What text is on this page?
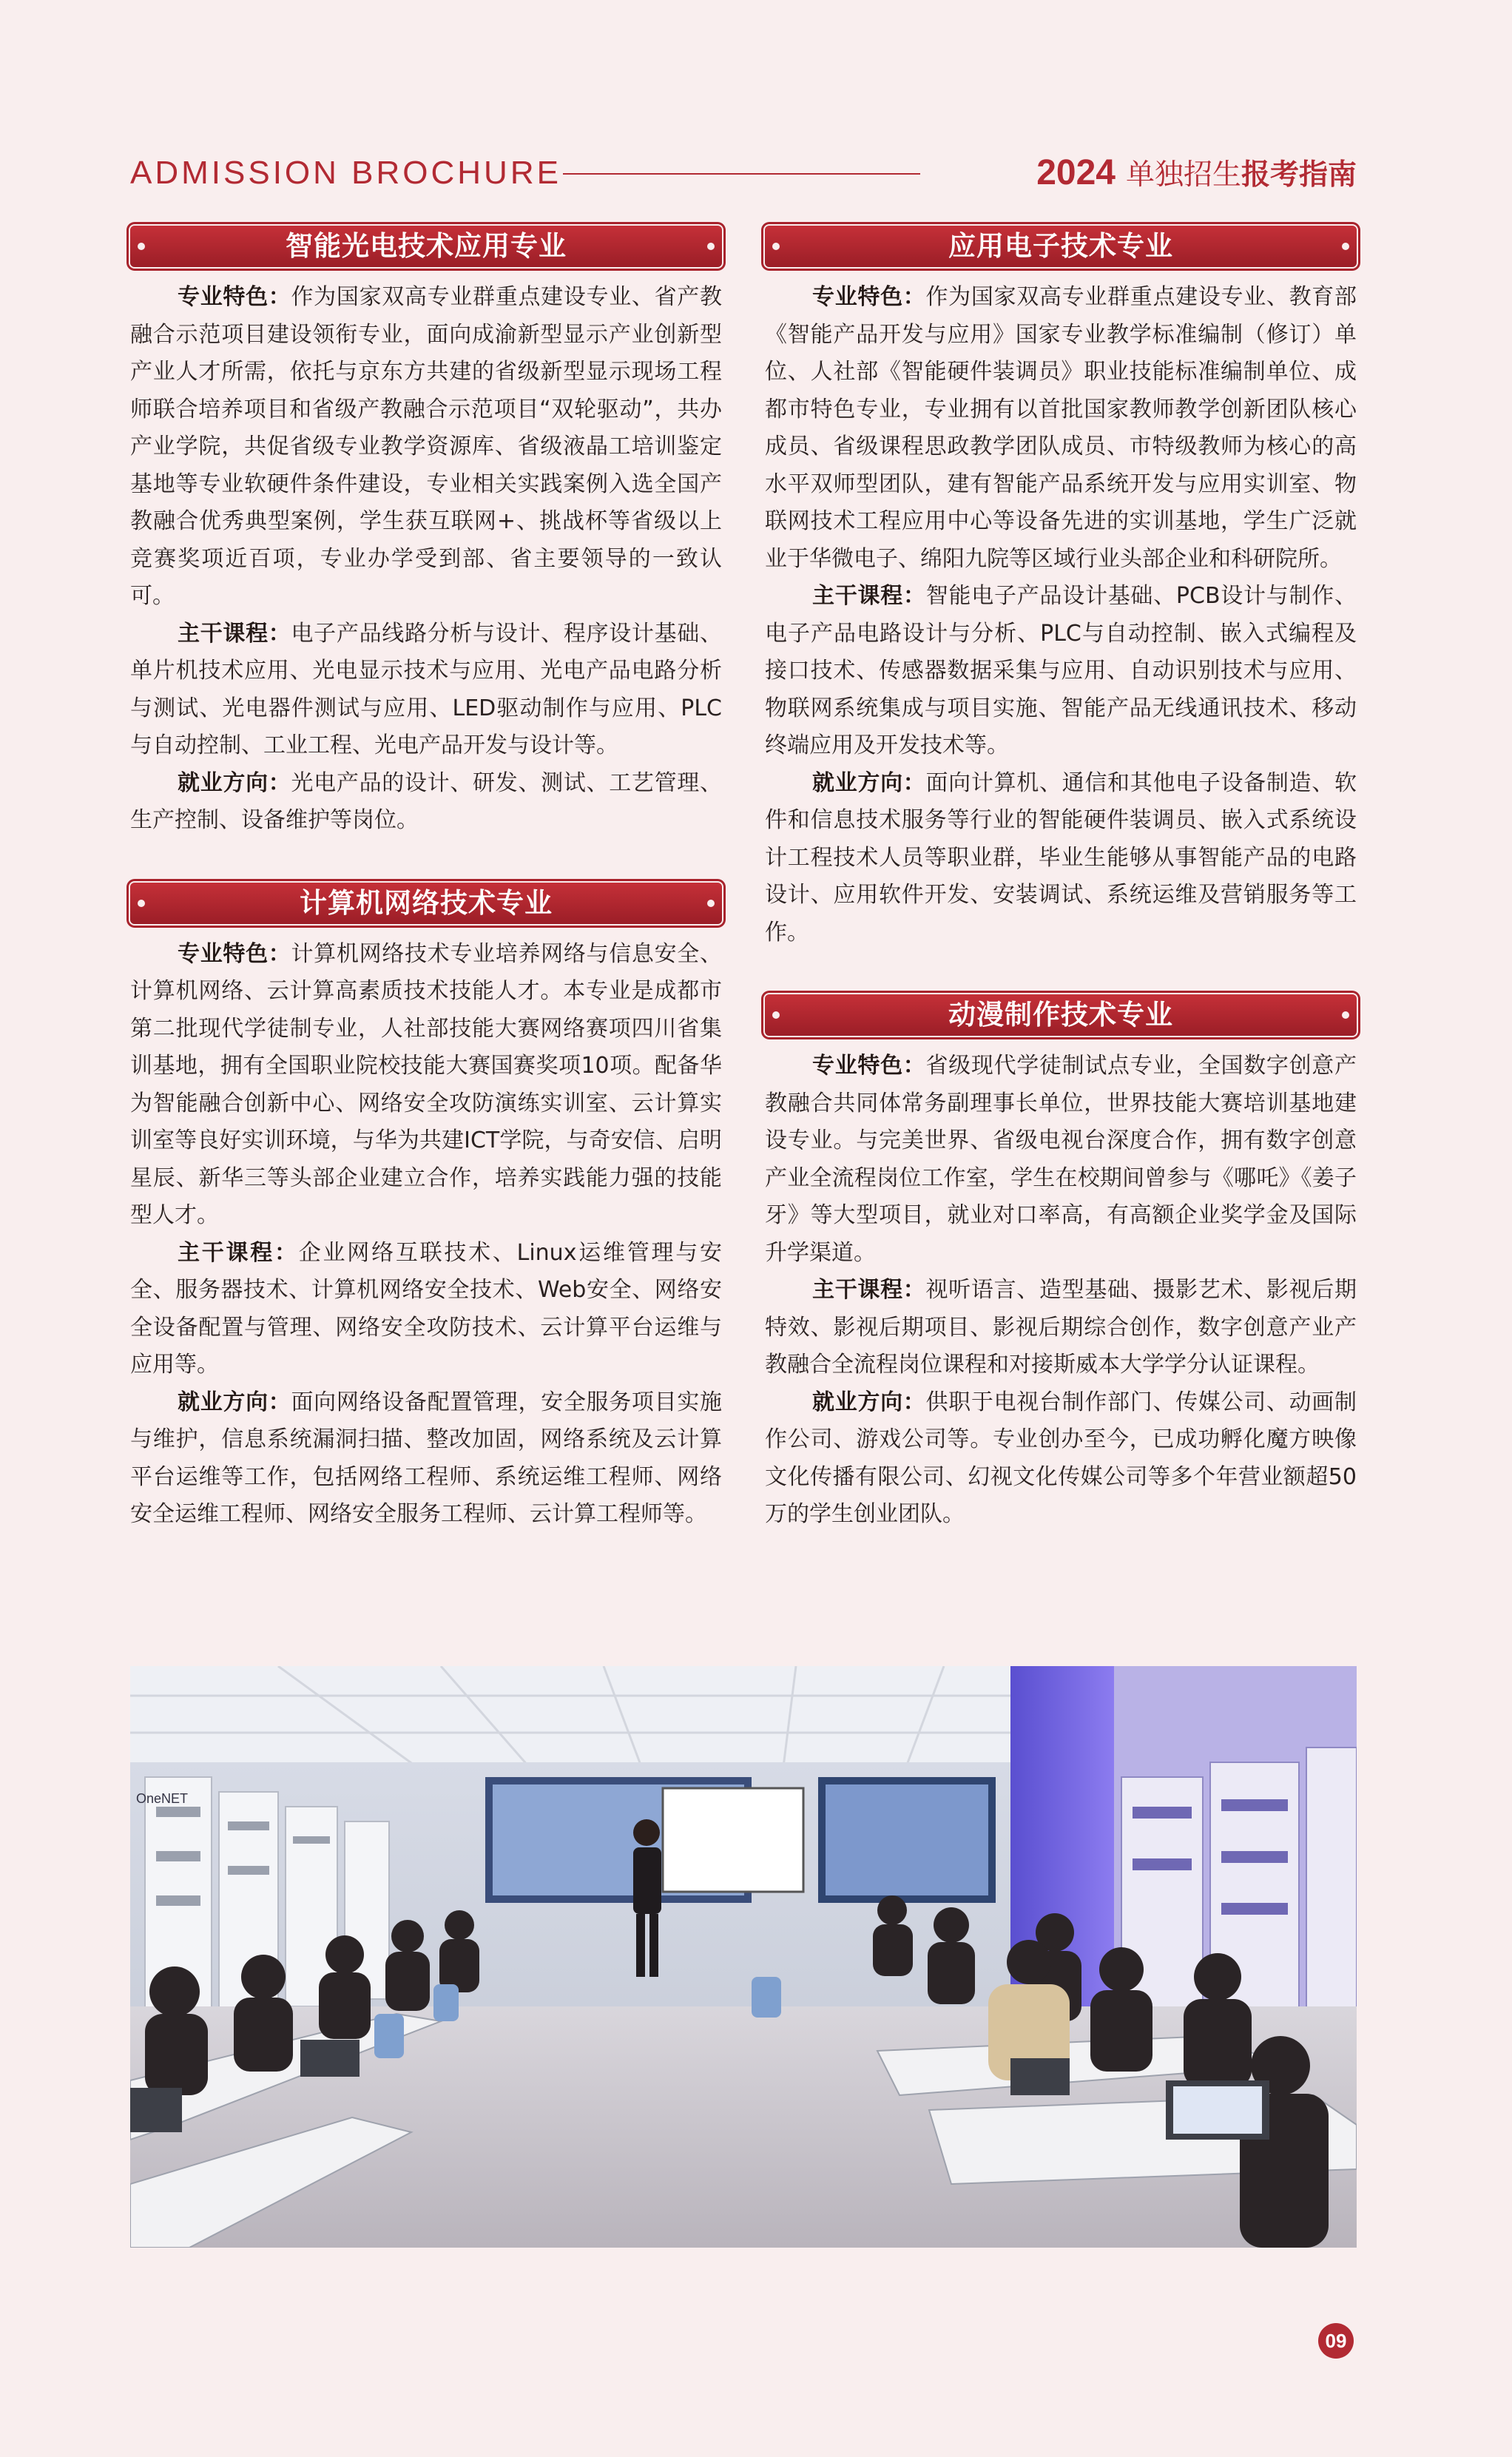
ADMISSION BROCHURE	2024 单独招生报考指南
智能光电技术应用专业

专业特色：作为国家双高专业群重点建设专业、省产教融合示范项目建设领衔专业，面向成渝新型显示产业创新型产业人才所需，依托与京东方共建的省级新型显示现场工程师联合培养项目和省级产教融合示范项目“双轮驱动”，共办产业学院，共促省级专业教学资源库、省级液晶工培训鉴定基地等专业软硬件条件建设，专业相关实践案例入选全国产教融合优秀典型案例，学生获互联网+、挑战杯等省级以上竞赛奖项近百项，专业办学受到部、省主要领导的一致认可。

主干课程：电子产品线路分析与设计、程序设计基础、单片机技术应用、光电显示技术与应用、光电产品电路分析与测试、光电器件测试与应用、LED驱动制作与应用、PLC与自动控制、工业工程、光电产品开发与设计等。

就业方向：光电产品的设计、研发、测试、工艺管理、生产控制、设备维护等岗位。

计算机网络技术专业

专业特色：计算机网络技术专业培养网络与信息安全、计算机网络、云计算高素质技术技能人才。本专业是成都市第二批现代学徒制专业，人社部技能大赛网络赛项四川省集训基地，拥有全国职业院校技能大赛国赛奖项10项。配备华为智能融合创新中心、网络安全攻防演练实训室、云计算实训室等良好实训环境，与华为共建ICT学院，与奇安信、启明星辰、新华三等头部企业建立合作，培养实践能力强的技能型人才。

主干课程：企业网络互联技术、Linux运维管理与安全、服务器技术、计算机网络安全技术、Web安全、网络安全设备配置与管理、网络安全攻防技术、云计算平台运维与应用等。

就业方向：面向网络设备配置管理，安全服务项目实施与维护，信息系统漏洞扫描、整改加固，网络系统及云计算平台运维等工作，包括网络工程师、系统运维工程师、网络安全运维工程师、网络安全服务工程师、云计算工程师等。

应用电子技术专业

专业特色：作为国家双高专业群重点建设专业、教育部《智能产品开发与应用》国家专业教学标准编制（修订）单位、人社部《智能硬件装调员》职业技能标准编制单位、成都市特色专业，专业拥有以首批国家教师教学创新团队核心成员、省级课程思政教学团队成员、市特级教师为核心的高水平双师型团队，建有智能产品系统开发与应用实训室、物联网技术工程应用中心等设备先进的实训基地，学生广泛就业于华微电子、绵阳九院等区域行业头部企业和科研院所。

主干课程：智能电子产品设计基础、PCB设计与制作、电子产品电路设计与分析、PLC与自动控制、嵌入式编程及接口技术、传感器数据采集与应用、自动识别技术与应用、物联网系统集成与项目实施、智能产品无线通讯技术、移动终端应用及开发技术等。

就业方向：面向计算机、通信和其他电子设备制造、软件和信息技术服务等行业的智能硬件装调员、嵌入式系统设计工程技术人员等职业群，毕业生能够从事智能产品的电路设计、应用软件开发、安装调试、系统运维及营销服务等工作。

动漫制作技术专业

专业特色：省级现代学徒制试点专业，全国数字创意产教融合共同体常务副理事长单位，世界技能大赛培训基地建设专业。与完美世界、省级电视台深度合作，拥有数字创意产业全流程岗位工作室，学生在校期间曾参与《哪吒》《姜子牙》等大型项目，就业对口率高，有高额企业奖学金及国际升学渠道。

主干课程：视听语言、造型基础、摄影艺术、影视后期特效、影视后期项目、影视后期综合创作，数字创意产业产教融合全流程岗位课程和对接斯威本大学学分认证课程。

就业方向：供职于电视台制作部门、传媒公司、动画制作公司、游戏公司等。专业创办至今，已成功孵化魔方映像文化传播有限公司、幻视文化传媒公司等多个年营业额超50万的学生创业团队。

OneNET
09
